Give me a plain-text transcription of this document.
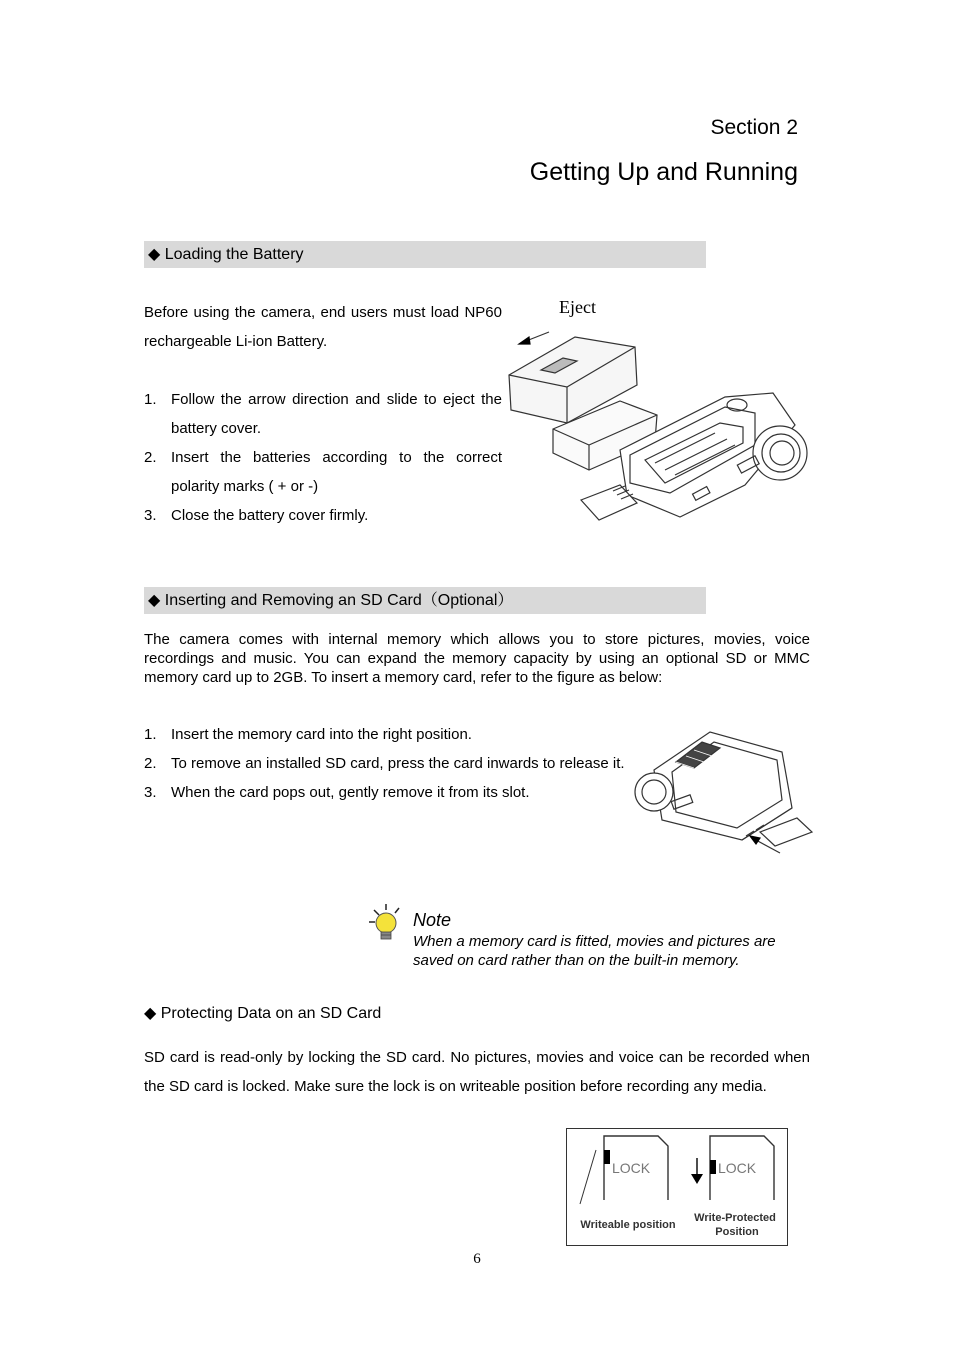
Section 2
Getting Up and Running
◆ Loading the Battery
Before using the camera, end users must load NP60 rechargeable Li-ion Battery.
1. Follow the arrow direction and slide to eject the battery cover.
2. Insert the batteries according to the correct polarity marks ( + or -)
3. Close the battery cover firmly.
Eject
◆ Inserting and Removing an SD Card（Optional）
The camera comes with internal memory which allows you to store pictures, movies, voice recordings and music. You can expand the memory capacity by using an optional SD or MMC memory card up to 2GB. To insert a memory card, refer to the figure as below:
1. Insert the memory card into the right position.
2. To remove an installed SD card, press the card inwards to release it.
3. When the card pops out, gently remove it from its slot.
Note
When a memory card is fitted, movies and pictures are saved on card rather than on the built-in memory.
◆ Protecting Data on an SD Card
SD card is read-only by locking the SD card. No pictures, movies and voice can be recorded when the SD card is locked. Make sure the lock is on writeable position before recording any media.
LOCK	LOCK
Writeable position
Write-Protected
Position
6
